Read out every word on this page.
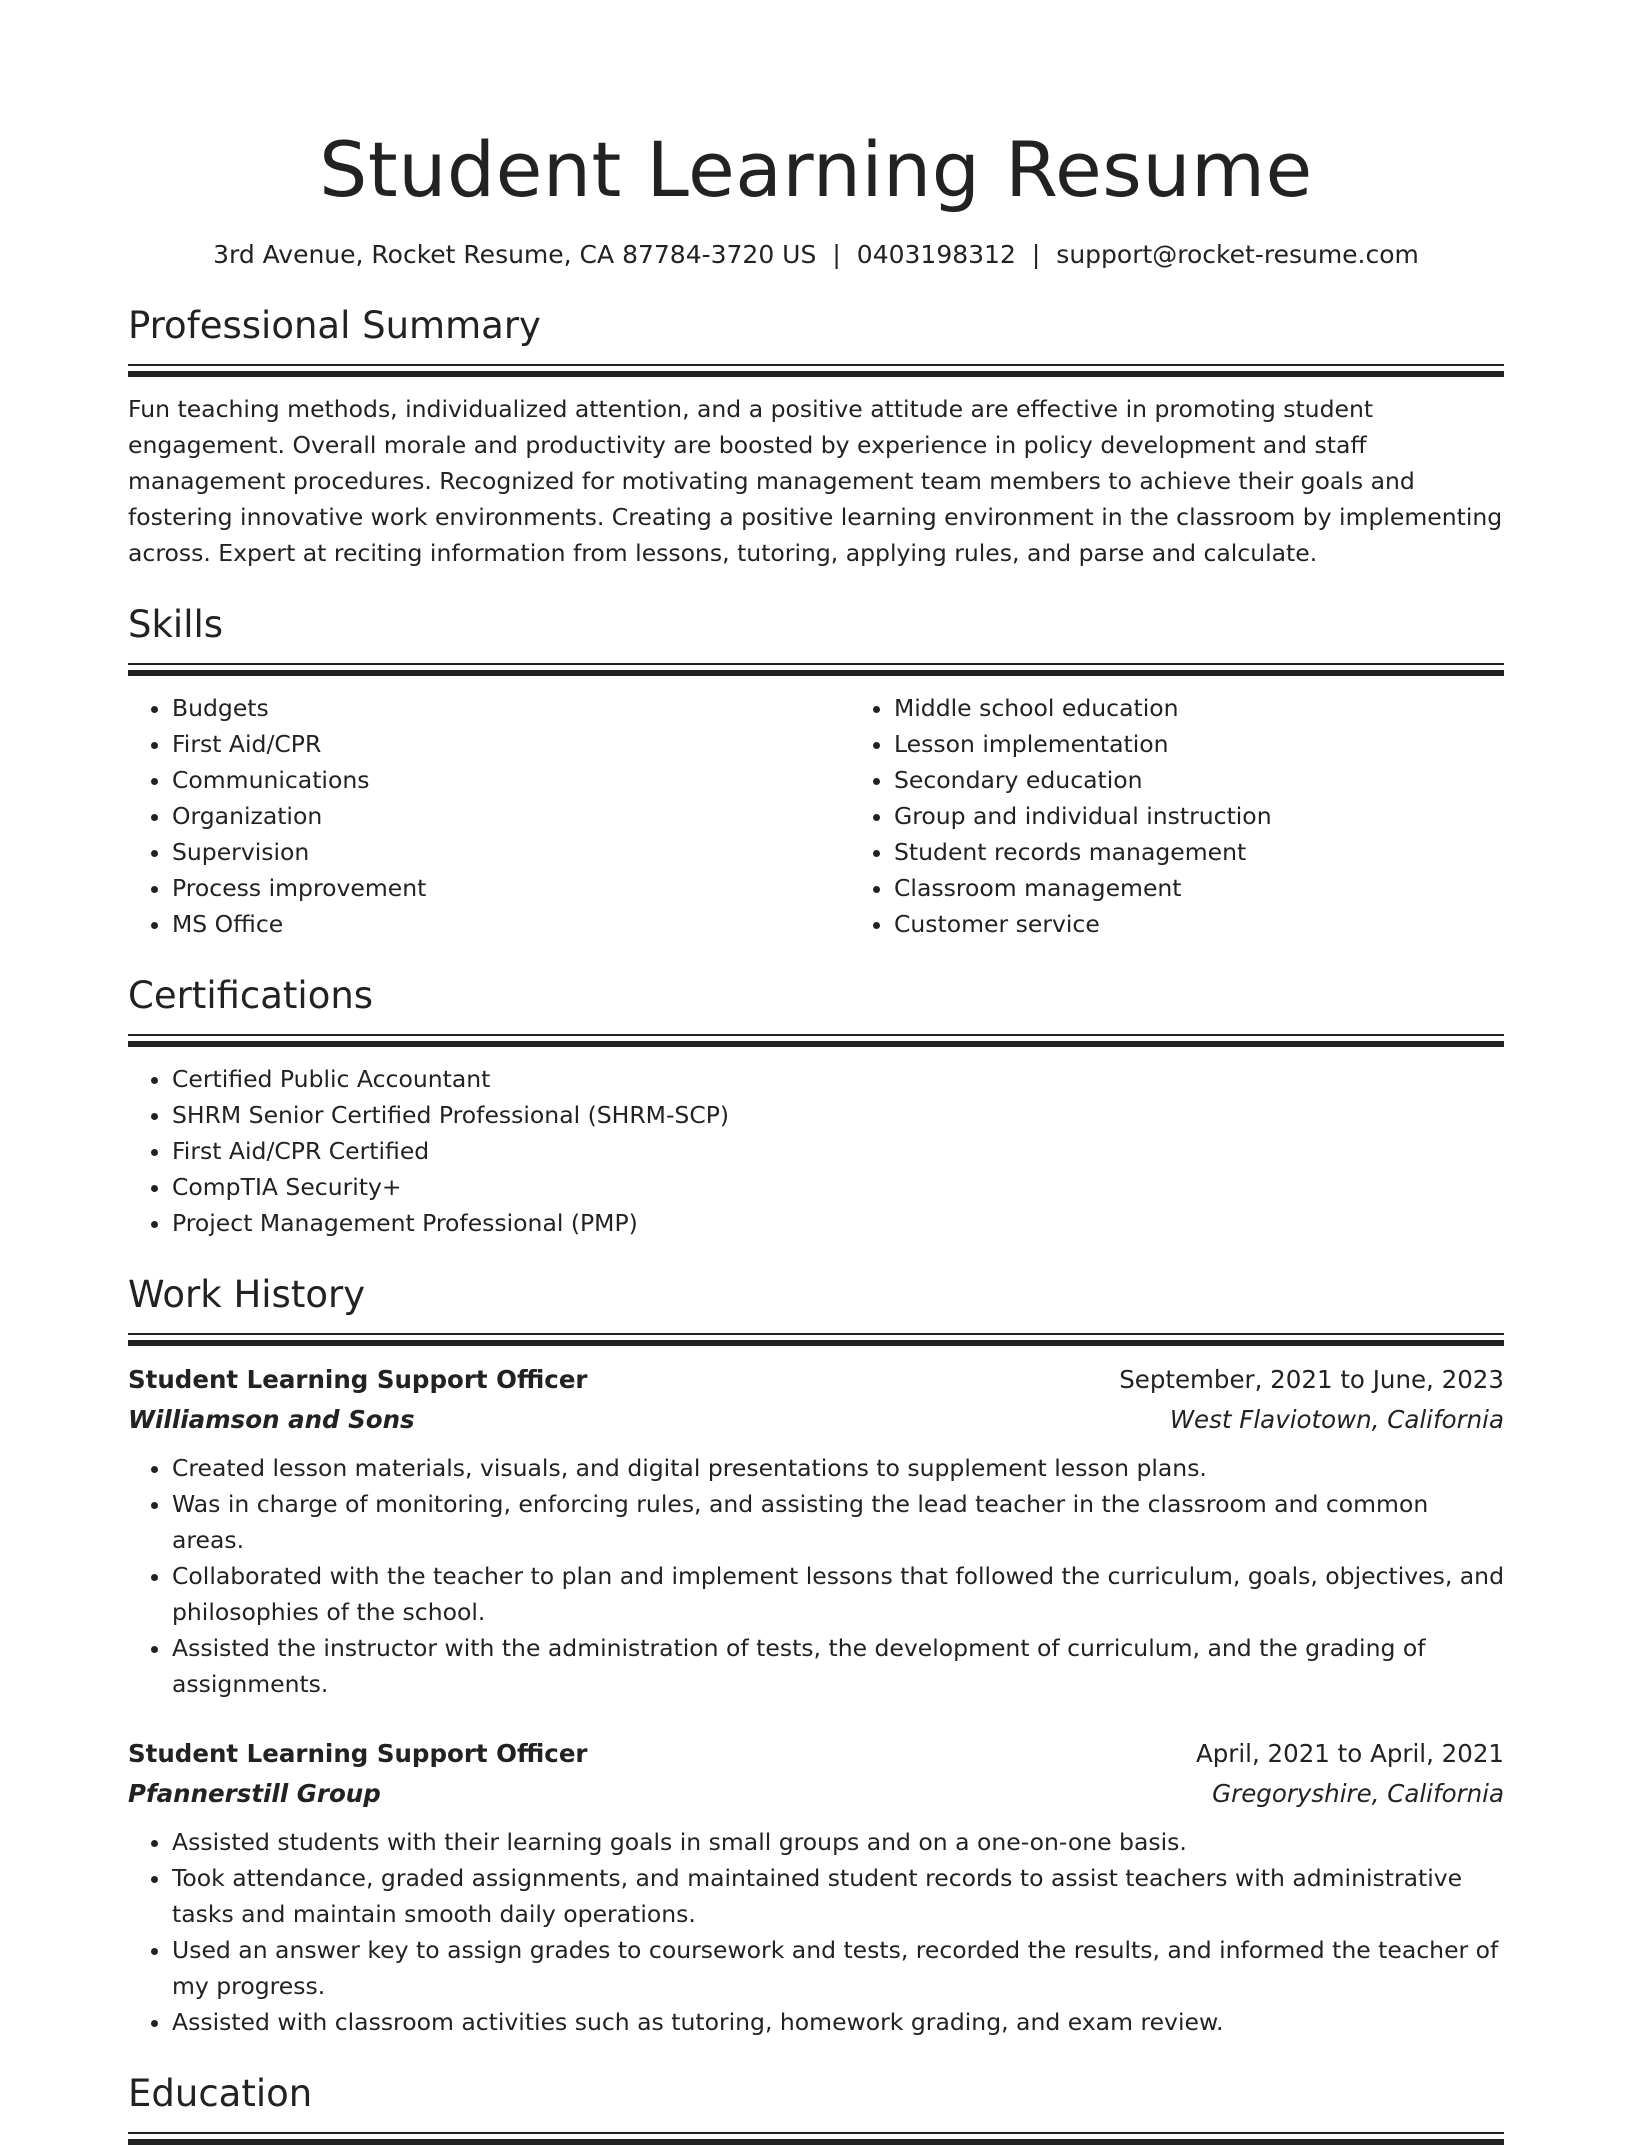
Student Learning Resume
3rd Avenue, Rocket Resume, CA 87784-3720 US | 0403198312 | support@rocket-resume.com
Professional Summary
Fun teaching methods, individualized attention, and a positive attitude are effective in promoting student engagement. Overall morale and productivity are boosted by experience in policy development and staff management procedures. Recognized for motivating management team members to achieve their goals and fostering innovative work environments. Creating a positive learning environment in the classroom by implementing across. Expert at reciting information from lessons, tutoring, applying rules, and parse and calculate.
Skills
• Budgets
• First Aid/CPR
• Communications
• Organization
• Supervision
• Process improvement
• MS Office
• Middle school education
• Lesson implementation
• Secondary education
• Group and individual instruction
• Student records management
• Classroom management
• Customer service
Certifications
• Certified Public Accountant
• SHRM Senior Certified Professional (SHRM-SCP)
• First Aid/CPR Certified
• CompTIA Security+
• Project Management Professional (PMP)
Work History
Student Learning Support Officer	September, 2021 to June, 2023
Williamson and Sons	West Flaviotown, California
• Created lesson materials, visuals, and digital presentations to supplement lesson plans.
• Was in charge of monitoring, enforcing rules, and assisting the lead teacher in the classroom and common areas.
• Collaborated with the teacher to plan and implement lessons that followed the curriculum, goals, objectives, and philosophies of the school.
• Assisted the instructor with the administration of tests, the development of curriculum, and the grading of assignments.
Student Learning Support Officer	April, 2021 to April, 2021
Pfannerstill Group	Gregoryshire, California
• Assisted students with their learning goals in small groups and on a one-on-one basis.
• Took attendance, graded assignments, and maintained student records to assist teachers with administrative tasks and maintain smooth daily operations.
• Used an answer key to assign grades to coursework and tests, recorded the results, and informed the teacher of my progress.
• Assisted with classroom activities such as tutoring, homework grading, and exam review.
Education
